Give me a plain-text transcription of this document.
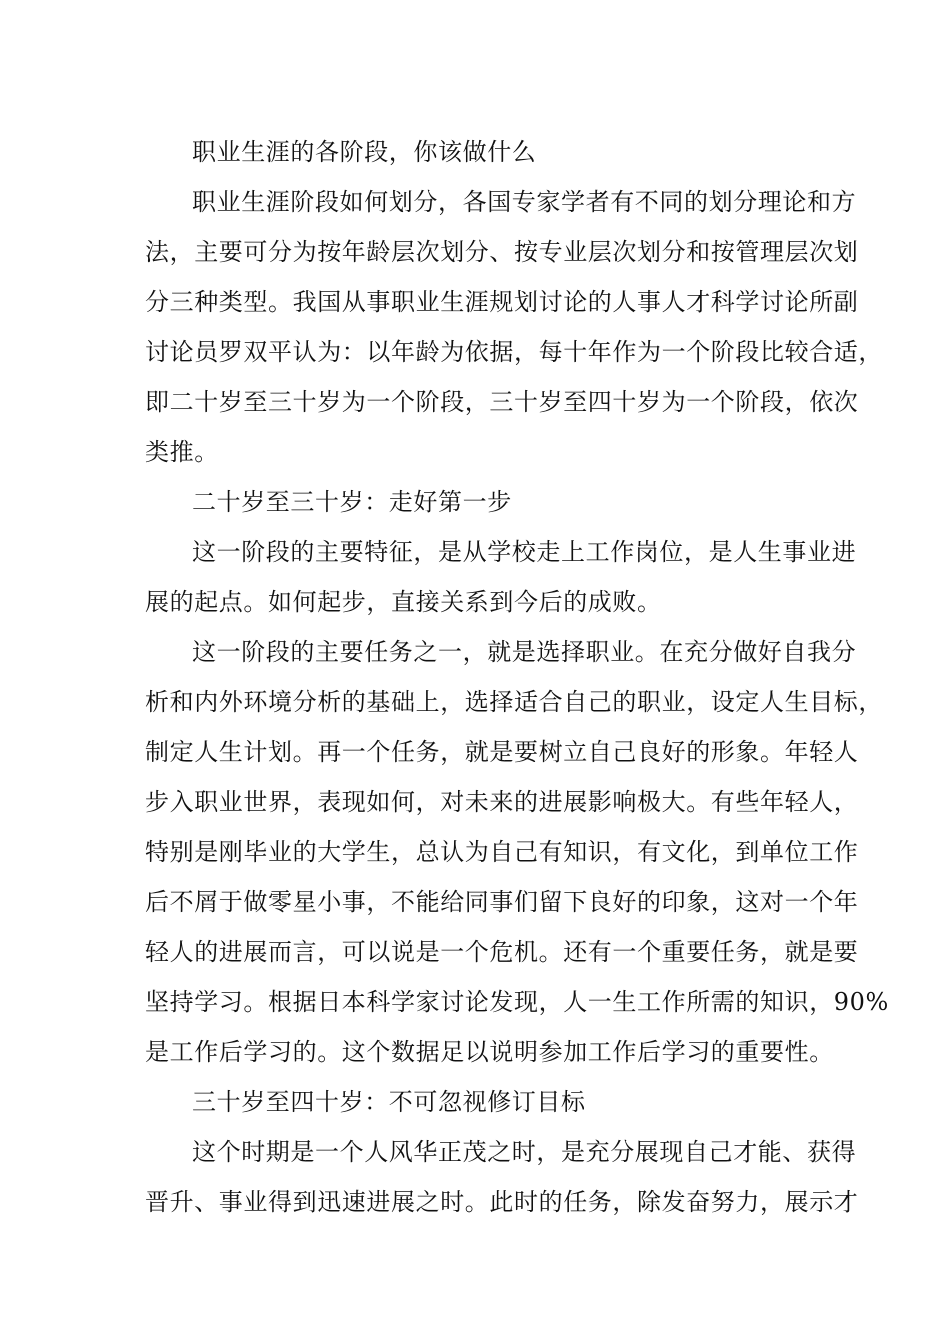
职业生涯的各阶段，你该做什么
职业生涯阶段如何划分，各国专家学者有不同的划分理论和方
法，主要可分为按年龄层次划分、按专业层次划分和按管理层次划
分三种类型。我国从事职业生涯规划讨论的人事人才科学讨论所副
讨论员罗双平认为：以年龄为依据，每十年作为一个阶段比较合适，
即二十岁至三十岁为一个阶段，三十岁至四十岁为一个阶段，依次
类推。
二十岁至三十岁：走好第一步
这一阶段的主要特征，是从学校走上工作岗位，是人生事业进
展的起点。如何起步，直接关系到今后的成败。
这一阶段的主要任务之一，就是选择职业。在充分做好自我分
析和内外环境分析的基础上，选择适合自己的职业，设定人生目标，
制定人生计划。再一个任务，就是要树立自己良好的形象。年轻人
步入职业世界，表现如何，对未来的进展影响极大。有些年轻人，
特别是刚毕业的大学生，总认为自己有知识，有文化，到单位工作
后不屑于做零星小事，不能给同事们留下良好的印象，这对一个年
轻人的进展而言，可以说是一个危机。还有一个重要任务，就是要
坚持学习。根据日本科学家讨论发现，人一生工作所需的知识，90%
是工作后学习的。这个数据足以说明参加工作后学习的重要性。
三十岁至四十岁：不可忽视修订目标
这个时期是一个人风华正茂之时，是充分展现自己才能、获得
晋升、事业得到迅速进展之时。此时的任务，除发奋努力，展示才
